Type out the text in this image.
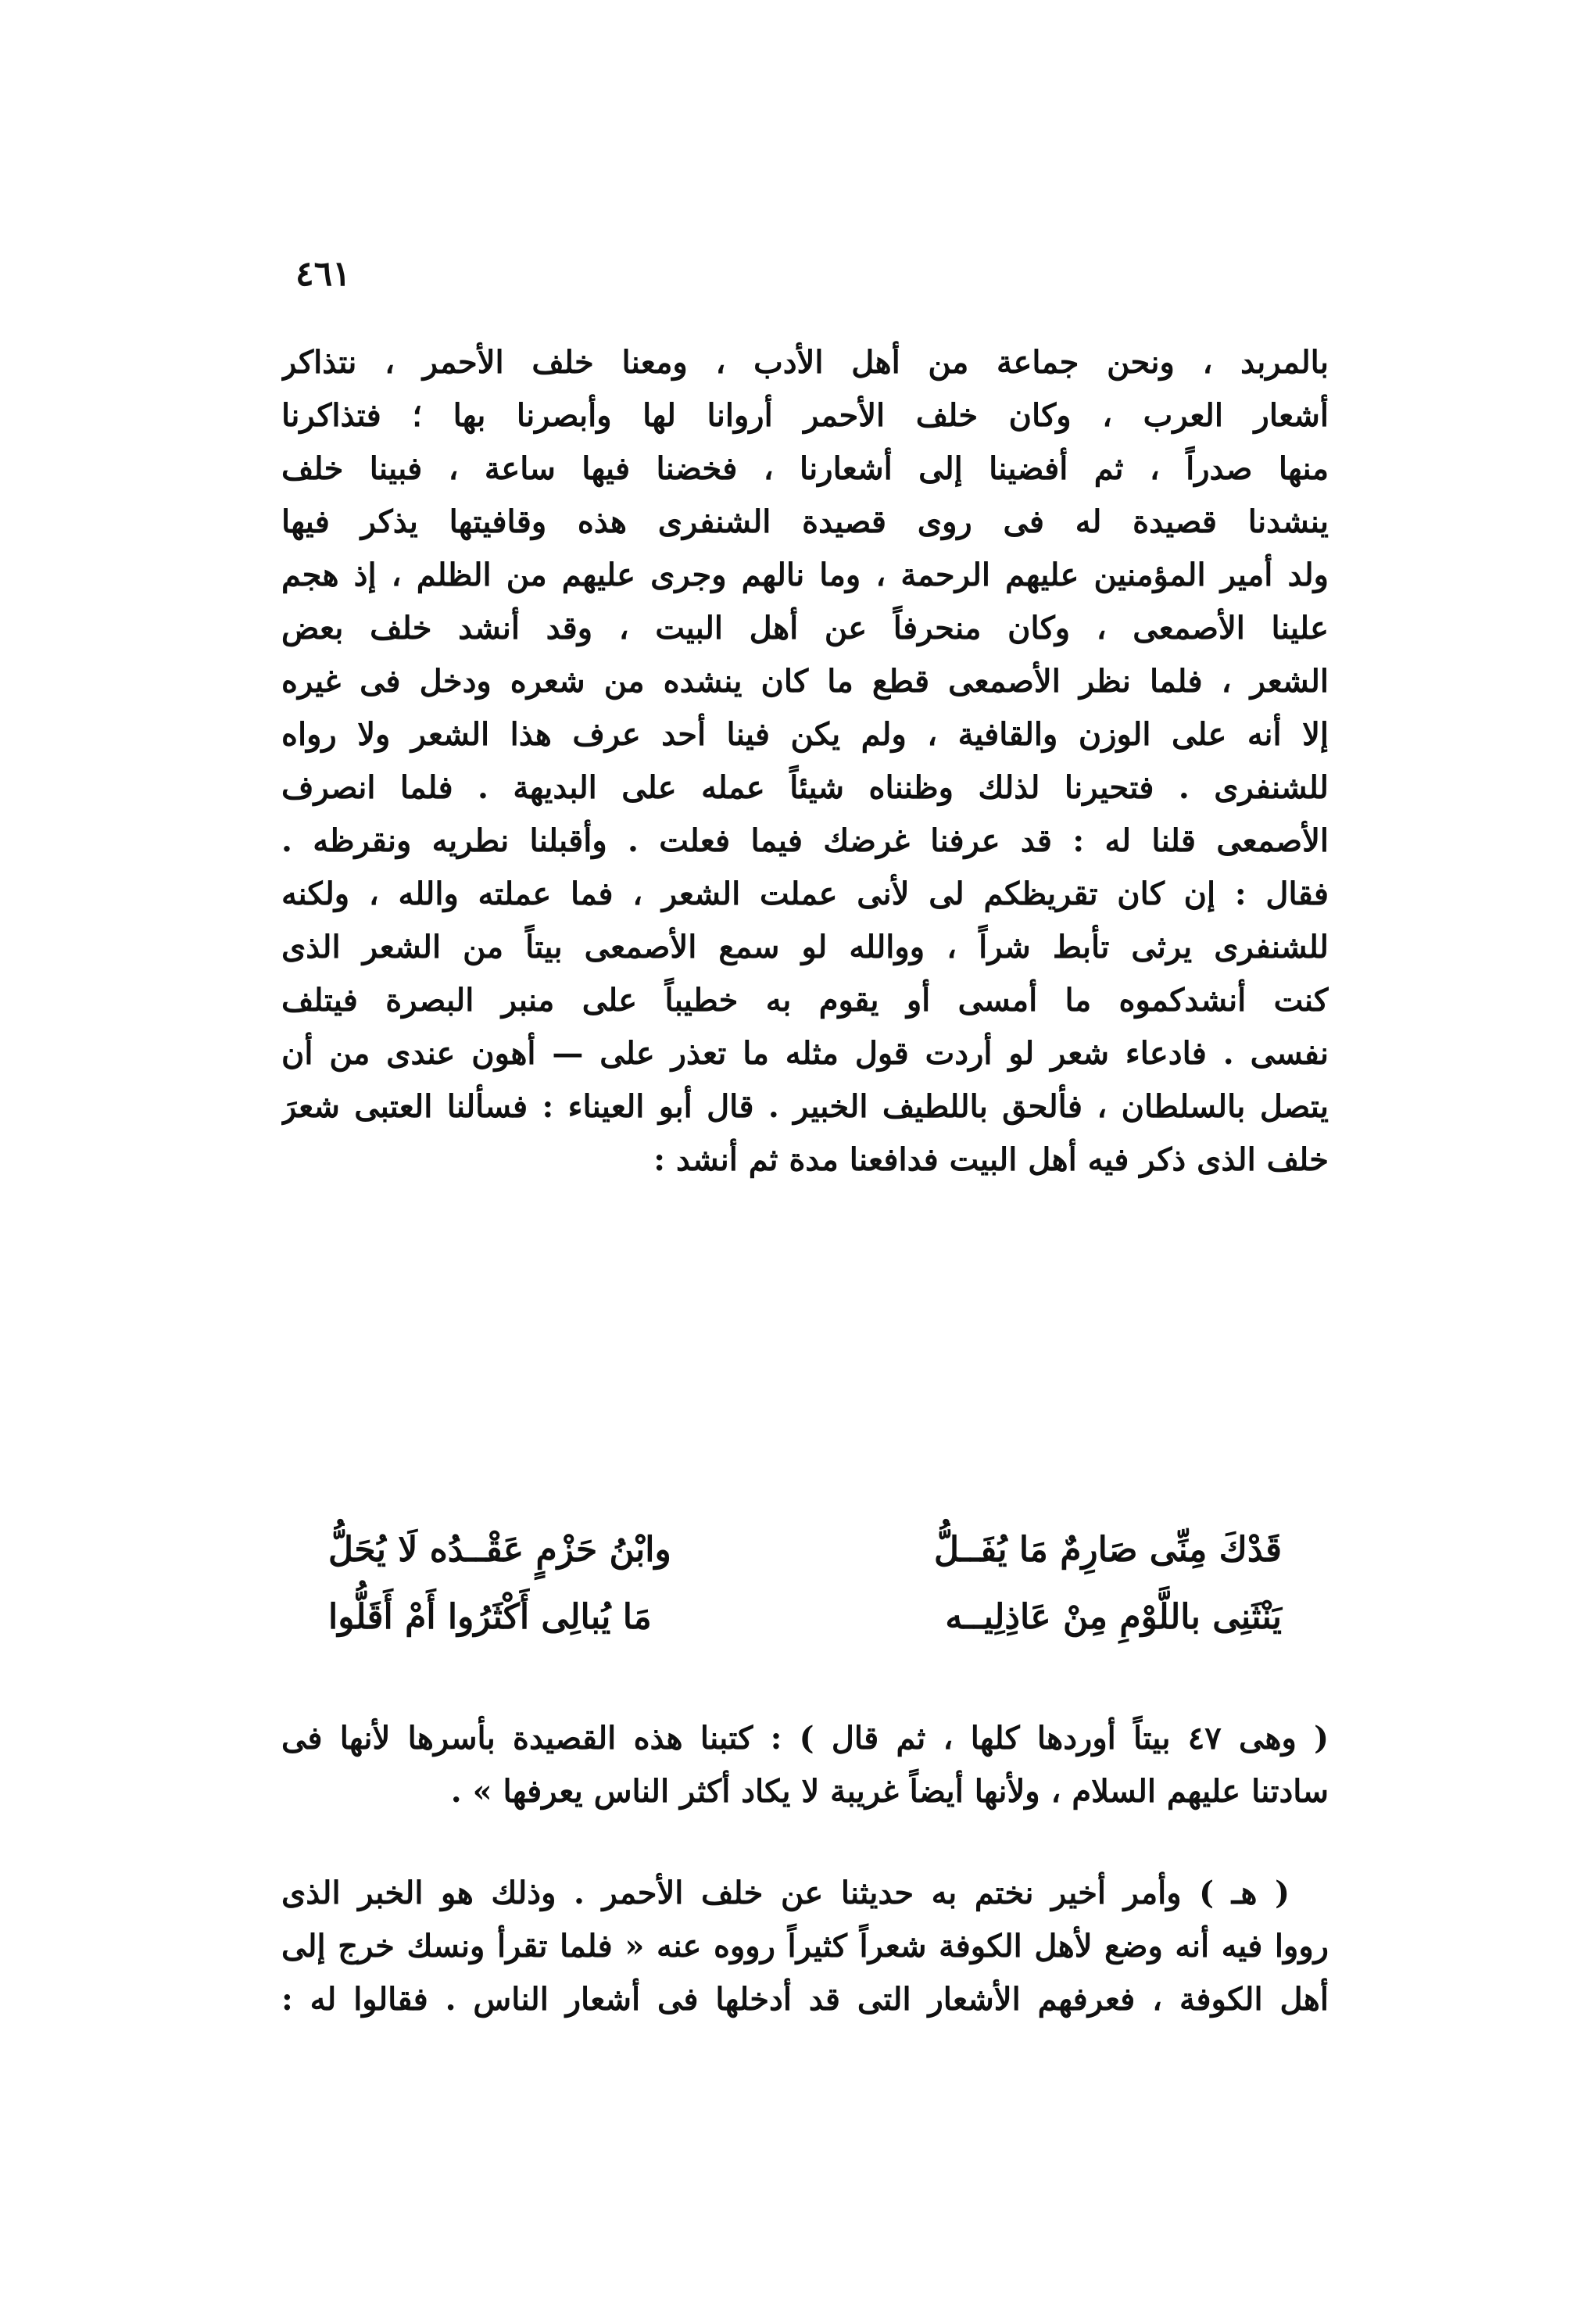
٤٦١
بالمربد ، ونحن جماعة من أهل الأدب ، ومعنا خلف الأحمر ، نتذاكر
أشعار العرب ، وكان خلف الأحمر أروانا لها وأبصرنا بها ؛ فتذاكرنا
منها صدراً ، ثم أفضينا إلى أشعارنا ، فخضنا فيها ساعة ، فبينا خلف
ينشدنا قصيدة له فى روى قصيدة الشنفرى هذه وقافيتها يذكر فيها
ولد أمير المؤمنين عليهم الرحمة ، وما نالهم وجرى عليهم من الظلم ، إذ هجم
علينا الأصمعى ، وكان منحرفاً عن أهل البيت ، وقد أنشد خلف بعض
الشعر ، فلما نظر الأصمعى قطع ما كان ينشده من شعره ودخل فى غيره
إلا أنه على الوزن والقافية ، ولم يكن فينا أحد عرف هذا الشعر ولا رواه
للشنفرى . فتحيرنا لذلك وظنناه شيئاً عمله على البديهة . فلما انصرف
الأصمعى قلنا له : قد عرفنا غرضك فيما فعلت . وأقبلنا نطريه ونقرظه .
فقال : إن كان تقريظكم لى لأنى عملت الشعر ، فما عملته والله ، ولكنه
للشنفرى يرثى تأبط شراً ، ووالله لو سمع الأصمعى بيتاً من الشعر الذى
كنت أنشدكموه ما أمسى أو يقوم به خطيباً على منبر البصرة فيتلف
نفسى . فادعاء شعر لو أردت قول مثله ما تعذر على — أهون عندى من أن
يتصل بالسلطان ، فألحق باللطيف الخبير . قال أبو العيناء : فسألنا العتبى شعرَ
خلف الذى ذكر فيه أهل البيت فدافعنا مدة ثم أنشد :
قَدْكَ مِنِّى صَارِمٌ مَا يُفَــلُّ
وابْنُ حَزْمٍ عَقْــدُه لَا يُحَلُّ
يَنْثَنِى باللَّوْمِ مِنْ عَاذِلِيــه
مَا يُبالِى أَكْثَرُوا أَمْ أَقَلُّوا
( وهى ٤٧ بيتاً أوردها كلها ، ثم قال ) : كتبنا هذه القصيدة بأسرها لأنها فى
سادتنا عليهم السلام ، ولأنها أيضاً غريبة لا يكاد أكثر الناس يعرفها » .
( هـ ) وأمر أخير نختم به حديثنا عن خلف الأحمر . وذلك هو الخبر الذى
رووا فيه أنه وضع لأهل الكوفة شعراً كثيراً رووه عنه « فلما تقرأ ونسك خرج إلى
أهل الكوفة ، فعرفهم الأشعار التى قد أدخلها فى أشعار الناس . فقالوا له :
